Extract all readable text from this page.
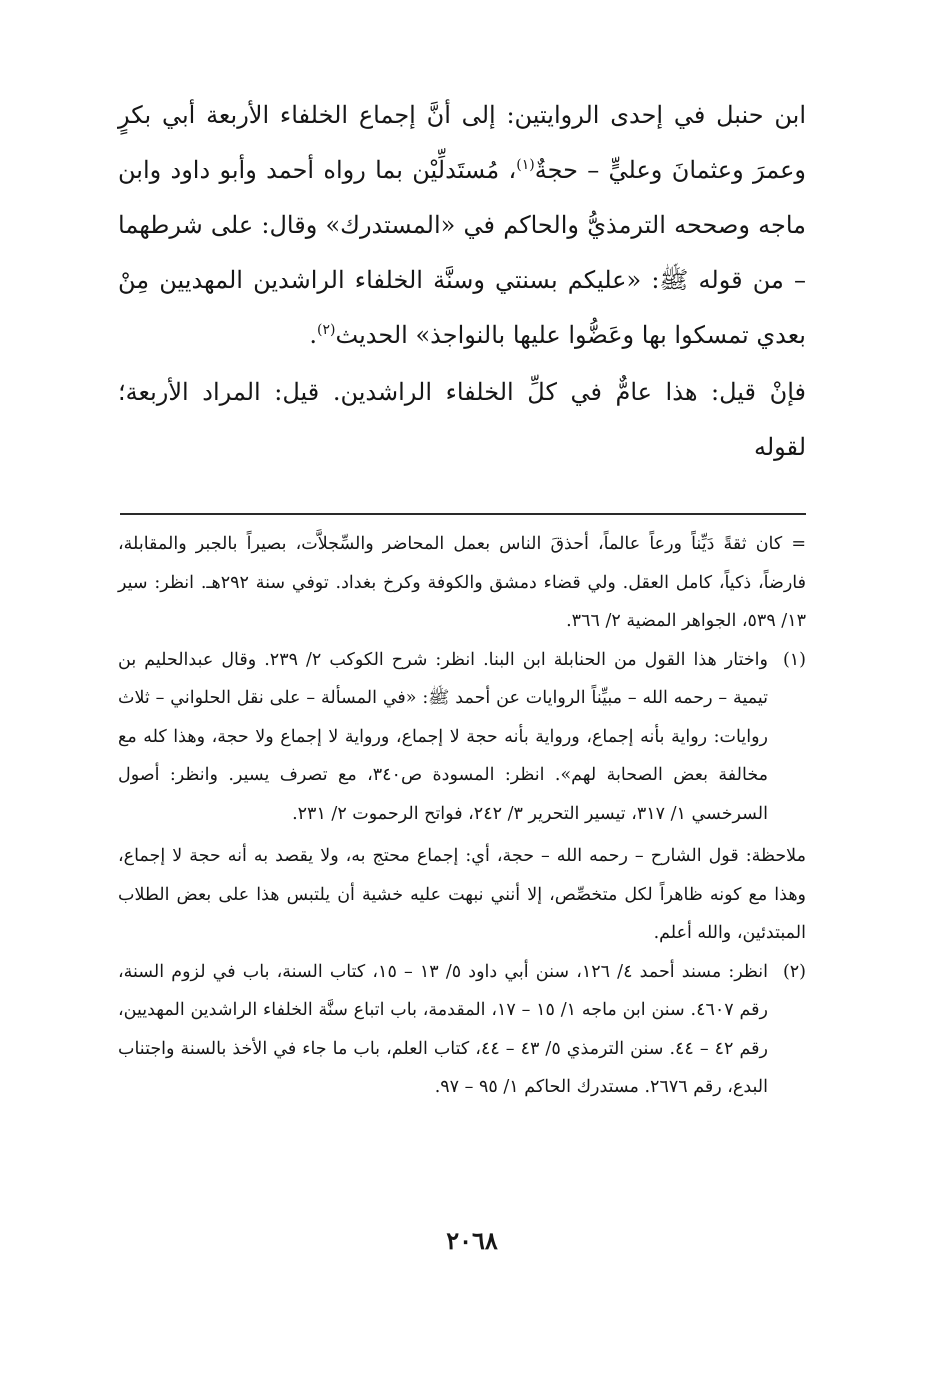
ابن حنبل في إحدى الروايتين: إلى أنَّ إجماع الخلفاء الأربعة أبي بكرٍ وعمرَ وعثمانَ وعليٍّ – حجةٌ$^{(١)}$، مُستَدلِّيْن بما رواه أحمد وأبو داود وابن ماجه وصححه الترمذيُّ والحاكم في «المستدرك» وقال: على شرطهما – من قوله ﷺ: «عليكم بسنتي وسنَّة الخلفاء الراشدين المهديين مِنْ بعدي تمسكوا بها وعَضُّوا عليها بالنواجذ» الحديث$^{(٢)}$.

فإنْ قيل: هذا عامٌّ في كلِّ الخلفاء الراشدين. قيل: المراد الأربعة؛ لقوله

= كان ثقةً دَيِّناً ورعاً عالماً، أحذقَ الناس بعمل المحاضر والسِّجلاَّت، بصيراً بالجبر والمقابلة، فارضاً، ذكياً، كامل العقل. ولي قضاء دمشق والكوفة وكرخ بغداد. توفي سنة ٢٩٢هـ. انظر: سير ١٣/ ٥٣٩، الجواهر المضية ٢/ ٣٦٦.

(١)
واختار هذا القول من الحنابلة ابن البنا. انظر: شرح الكوكب ٢/ ٢٣٩. وقال عبدالحليم بن تيمية – رحمه الله – مبيِّناً الروايات عن أحمد ﷺ: «في المسألة – على نقل الحلواني – ثلاث روايات: رواية بأنه إجماع، ورواية بأنه حجة لا إجماع، ورواية لا إجماع ولا حجة، وهذا كله مع مخالفة بعض الصحابة لهم». انظر: المسودة ص٣٤٠، مع تصرف يسير. وانظر: أصول السرخسي ١/ ٣١٧، تيسير التحرير ٣/ ٢٤٢، فواتح الرحموت ٢/ ٢٣١.

ملاحظة: قول الشارح – رحمه الله – حجة، أي: إجماع محتج به، ولا يقصد به أنه حجة لا إجماع، وهذا مع كونه ظاهراً لكل متخصِّص، إلا أنني نبهت عليه خشية أن يلتبس هذا على بعض الطلاب المبتدئين، والله أعلم.

(٢)
انظر: مسند أحمد ٤/ ١٢٦، سنن أبي داود ٥/ ١٣ – ١٥، كتاب السنة، باب في لزوم السنة، رقم ٤٦٠٧. سنن ابن ماجه ١/ ١٥ – ١٧، المقدمة، باب اتباع سنَّة الخلفاء الراشدين المهديين، رقم ٤٢ – ٤٤. سنن الترمذي ٥/ ٤٣ – ٤٤، كتاب العلم، باب ما جاء في الأخذ بالسنة واجتناب البدع، رقم ٢٦٧٦. مستدرك الحاكم ١/ ٩٥ – ٩٧.
٢٠٦٨
